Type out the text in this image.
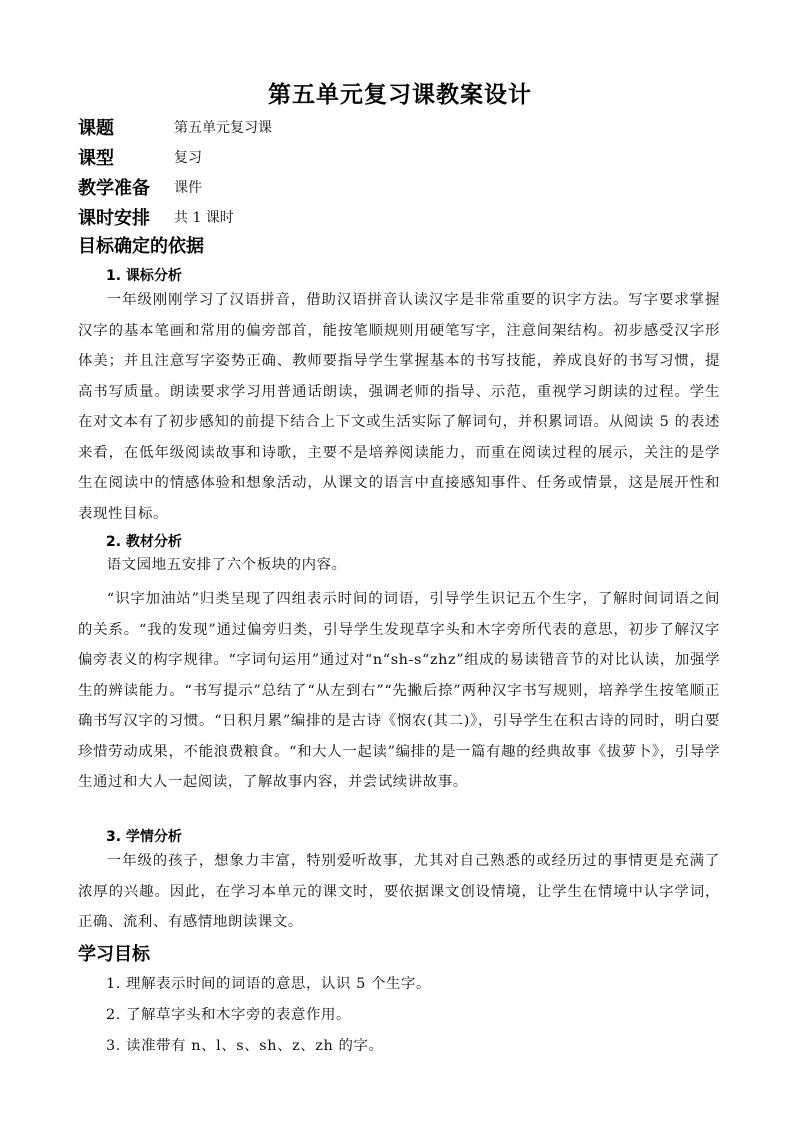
第五单元复习课教案设计
课题	第五单元复习课
课型	复习
教学准备	课件
课时安排	共 1 课时
目标确定的依据
1. 课标分析

一年级刚刚学习了汉语拼音，借助汉语拼音认读汉字是非常重要的识字方法。写字要求掌握汉字的基本笔画和常用的偏旁部首，能按笔顺规则用硬笔写字，注意间架结构。初步感受汉字形体美；并且注意写字姿势正确、教师要指导学生掌握基本的书写技能，养成良好的书写习惯，提高书写质量。朗读要求学习用普通话朗读，强调老师的指导、示范，重视学习朗读的过程。学生在对文本有了初步感知的前提下结合上下文或生活实际了解词句，并积累词语。从阅读 5 的表述来看，在低年级阅读故事和诗歌，主要不是培养阅读能力，而重在阅读过程的展示，关注的是学生在阅读中的情感体验和想象活动，从课文的语言中直接感知事件、任务或情景，这是展开性和表现性目标。

2. 教材分析

语文园地五安排了六个板块的内容。

“识字加油站”归类呈现了四组表示时间的词语，引导学生识记五个生字，了解时间词语之间的关系。“我的发现”通过偏旁归类，引导学生发现草字头和木字旁所代表的意思，初步了解汉字偏旁表义的构字规律。“字词句运用”通过对“n“sh-s“zhz”组成的易读错音节的对比认读，加强学生的辨读能力。“书写提示”总结了“从左到右”“先撇后捺”两种汉字书写规则，培养学生按笔顺正确书写汉字的习惯。“日积月累”编排的是古诗《悯农(其二)》，引导学生在积古诗的同时，明白要珍惜劳动成果，不能浪费粮食。“和大人一起读”编排的是一篇有趣的经典故事《拔萝卜》，引导学生通过和大人一起阅读，了解故事内容，并尝试续讲故事。

3. 学情分析

一年级的孩子，想象力丰富，特别爱听故事，尤其对自己熟悉的或经历过的事情更是充满了浓厚的兴趣。因此，在学习本单元的课文时，要依据课文创设情境，让学生在情境中认字学词，正确、流利、有感情地朗读课文。

学习目标
1. 理解表示时间的词语的意思，认识 5 个生字。
2. 了解草字头和木字旁的表意作用。
3. 读准带有 n、l、s、sh、z、zh 的字。
